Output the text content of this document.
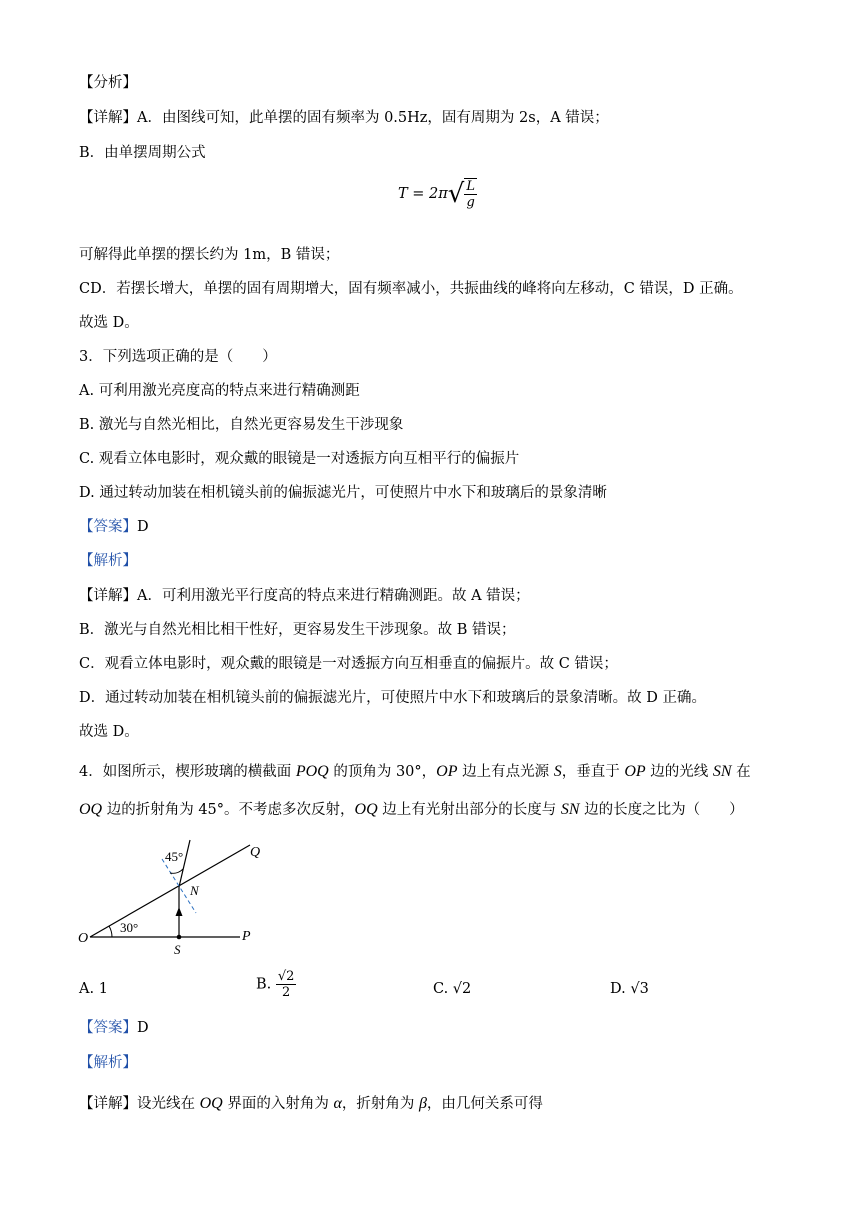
【分析】
【详解】A．由图线可知，此单摆的固有频率为 0.5Hz，固有周期为 2s，A 错误；
B．由单摆周期公式
$T = 2\pi√ \frac{L}{g}$
可解得此单摆的摆长约为 1m，B 错误；
CD．若摆长增大，单摆的固有周期增大，固有频率减小，共振曲线的峰将向左移动，C 错误，D 正确。
故选 D。
3．下列选项正确的是（　　）
A. 可利用激光亮度高的特点来进行精确测距
B. 激光与自然光相比，自然光更容易发生干涉现象
C. 观看立体电影时，观众戴的眼镜是一对透振方向互相平行的偏振片
D. 通过转动加装在相机镜头前的偏振滤光片，可使照片中水下和玻璃后的景象清晰
【答案】D
【解析】
【详解】A．可利用激光平行度高的特点来进行精确测距。故 A 错误；
B．激光与自然光相比相干性好，更容易发生干涉现象。故 B 错误；
C．观看立体电影时，观众戴的眼镜是一对透振方向互相垂直的偏振片。故 C 错误；
D．通过转动加装在相机镜头前的偏振滤光片，可使照片中水下和玻璃后的景象清晰。故 D 正确。
故选 D。
4．如图所示，楔形玻璃的横截面 POQ 的顶角为 30°，OP 边上有点光源 S，垂直于 OP 边的光线 SN 在
OQ 边的折射角为 45°。不考虑多次反射，OQ 边上有光射出部分的长度与 SN 边的长度之比为（　　）
O	P
Q
N
S
30°
45°
A. 1	B. $\frac{√2}{2}$	C. √2	D. √3
【答案】D
【解析】
【详解】设光线在 OQ 界面的入射角为 α，折射角为 β，由几何关系可得
